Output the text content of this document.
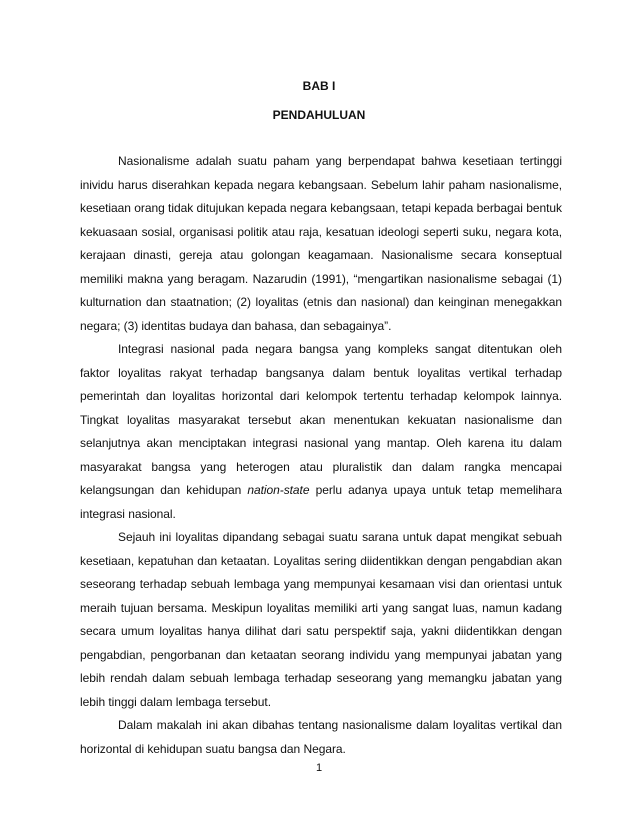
BAB I
PENDAHULUAN

Nasionalisme adalah suatu paham yang berpendapat bahwa kesetiaan tertinggi inividu harus diserahkan kepada negara kebangsaan. Sebelum lahir paham nasionalisme, kesetiaan orang tidak ditujukan kepada negara kebangsaan, tetapi kepada berbagai bentuk kekuasaan sosial, organisasi politik atau raja, kesatuan ideologi seperti suku, negara kota, kerajaan dinasti, gereja atau golongan keagamaan. Nasionalisme secara konseptual memiliki makna yang beragam. Nazarudin (1991), “mengartikan nasionalisme sebagai (1) kulturnation dan staatnation; (2) loyalitas (etnis dan nasional) dan keinginan menegakkan negara; (3) identitas budaya dan bahasa, dan sebagainya”.

Integrasi nasional pada negara bangsa yang kompleks sangat ditentukan oleh faktor loyalitas rakyat terhadap bangsanya dalam bentuk loyalitas vertikal terhadap pemerintah dan loyalitas horizontal dari kelompok tertentu terhadap kelompok lainnya. Tingkat loyalitas masyarakat tersebut akan menentukan kekuatan nasionalisme dan selanjutnya akan menciptakan integrasi nasional yang mantap. Oleh karena itu dalam masyarakat bangsa yang heterogen atau pluralistik dan dalam rangka mencapai kelangsungan dan kehidupan nation-state perlu adanya upaya untuk tetap memelihara integrasi nasional.

Sejauh ini loyalitas dipandang sebagai suatu sarana untuk dapat mengikat sebuah kesetiaan, kepatuhan dan ketaatan. Loyalitas sering diidentikkan dengan pengabdian akan seseorang terhadap sebuah lembaga yang mempunyai kesamaan visi dan orientasi untuk meraih tujuan bersama. Meskipun loyalitas memiliki arti yang sangat luas, namun kadang secara umum loyalitas hanya dilihat dari satu perspektif saja, yakni diidentikkan dengan pengabdian, pengorbanan dan ketaatan seorang individu yang mempunyai jabatan yang lebih rendah dalam sebuah lembaga terhadap seseorang yang memangku jabatan yang lebih tinggi dalam lembaga tersebut.

Dalam makalah ini akan dibahas tentang nasionalisme dalam loyalitas vertikal dan horizontal di kehidupan suatu bangsa dan Negara.

1
